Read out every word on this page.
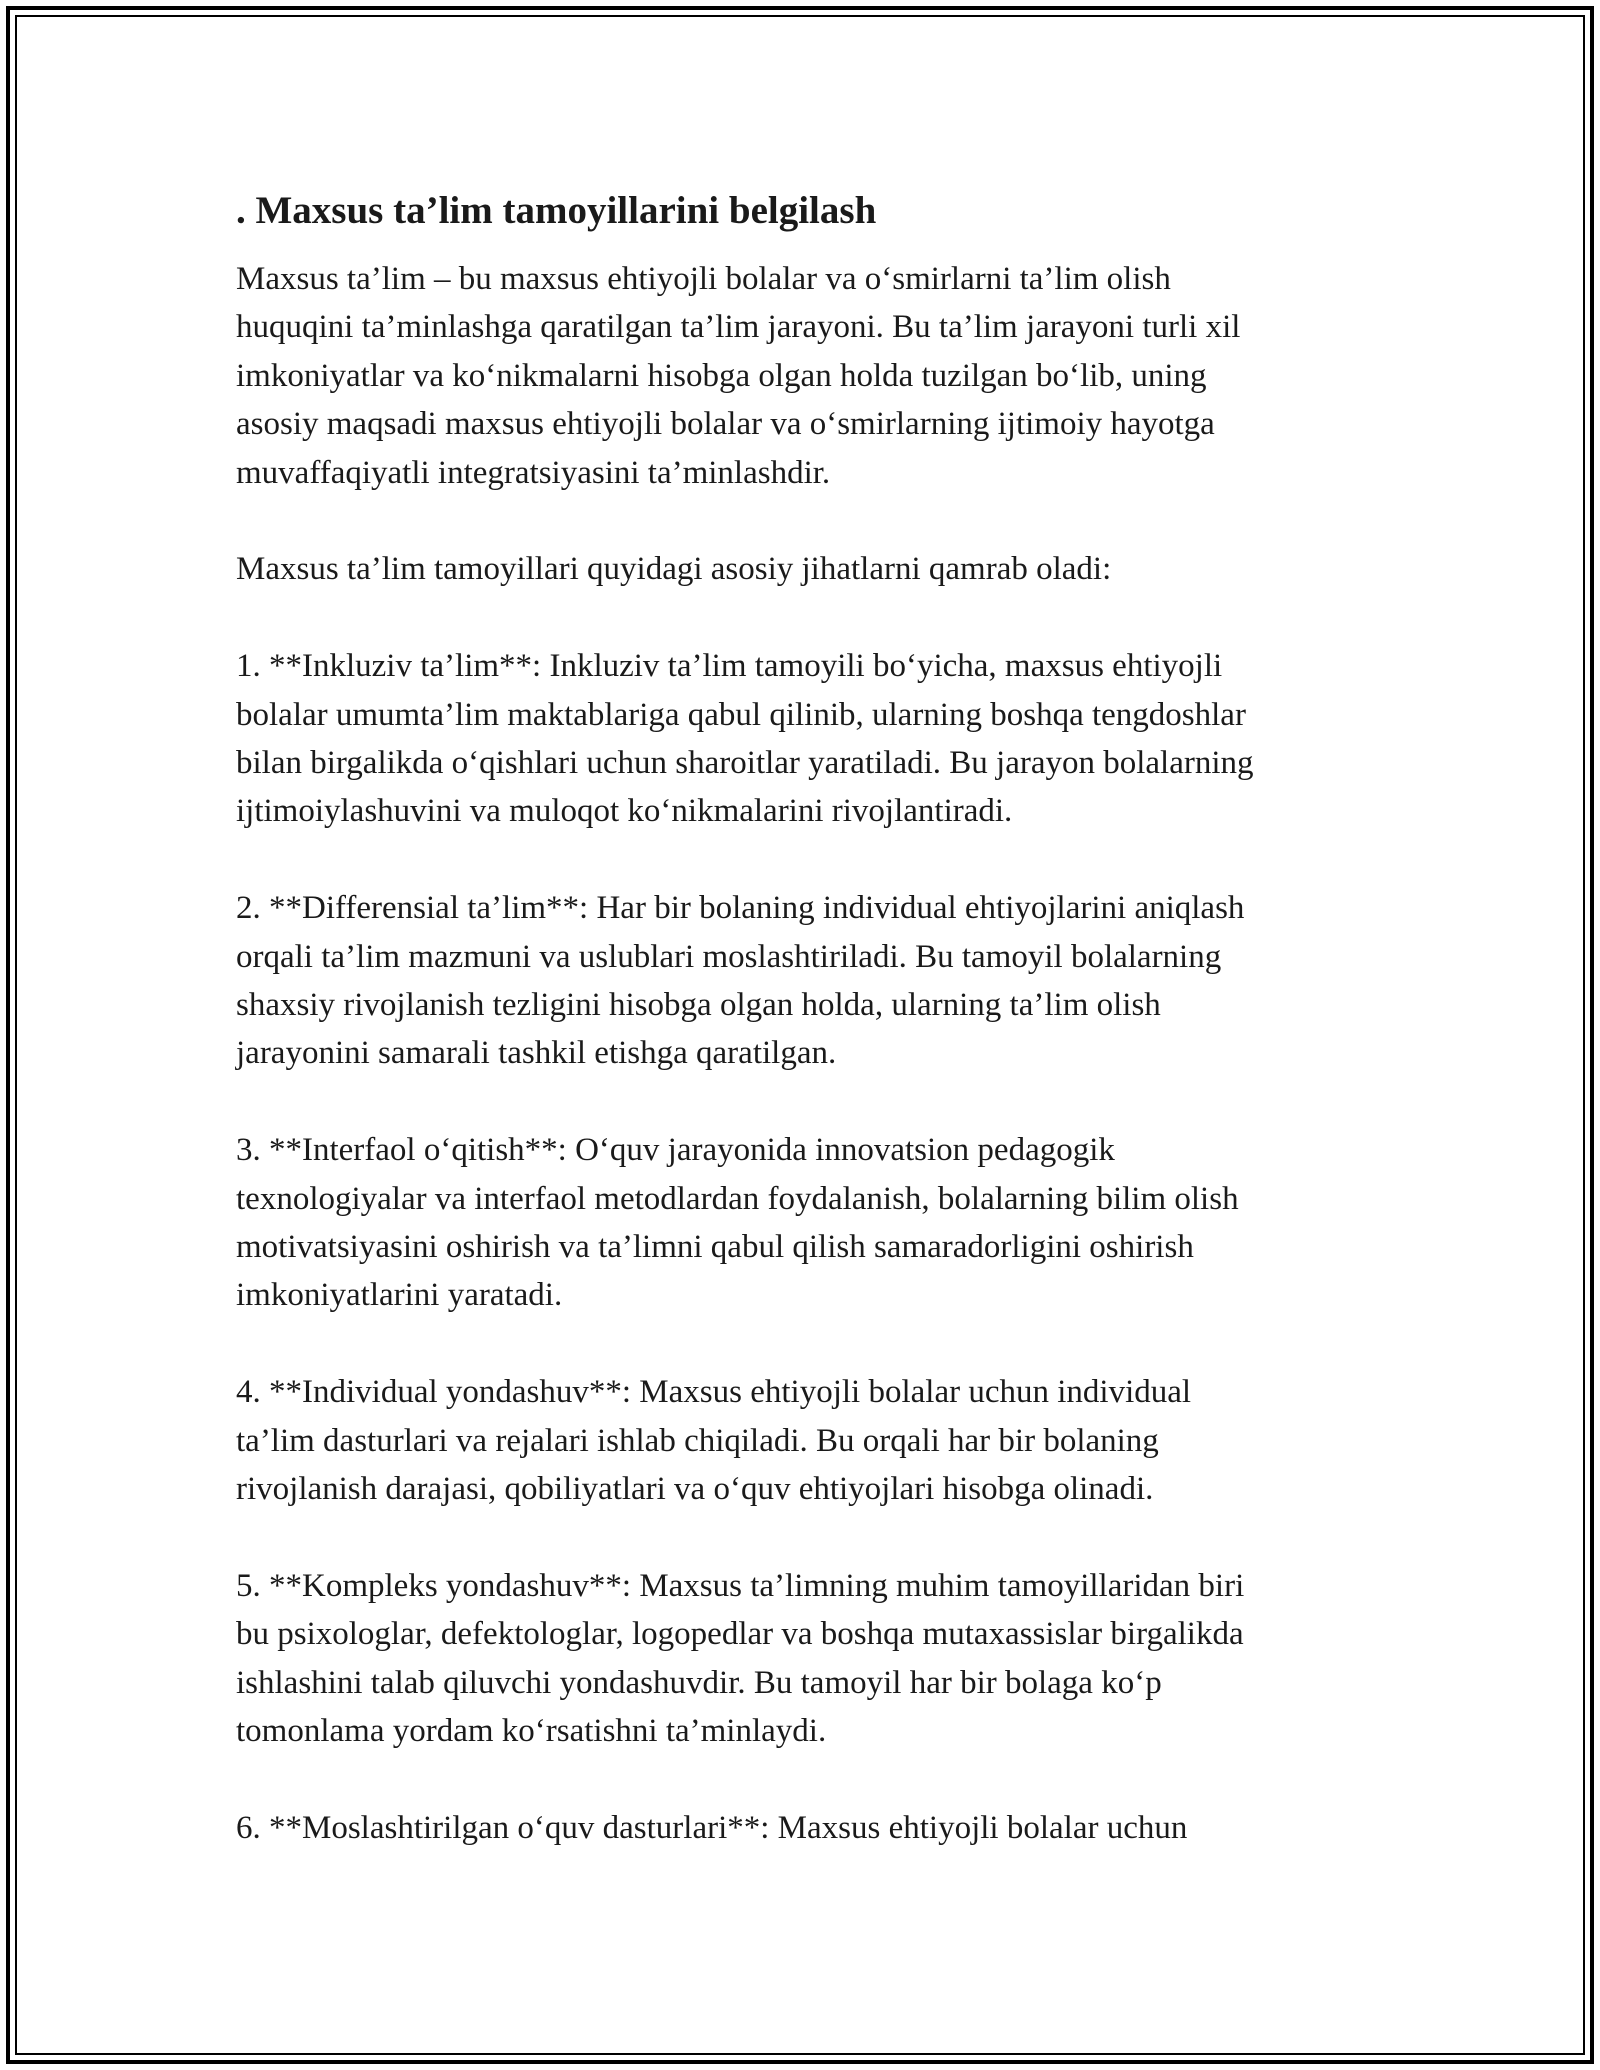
. Maxsus ta’lim tamoyillarini belgilash
Maxsus ta’lim – bu maxsus ehtiyojli bolalar va o‘smirlarni ta’lim olish
huquqini ta’minlashga qaratilgan ta’lim jarayoni. Bu ta’lim jarayoni turli xil
imkoniyatlar va ko‘nikmalarni hisobga olgan holda tuzilgan bo‘lib, uning
asosiy maqsadi maxsus ehtiyojli bolalar va o‘smirlarning ijtimoiy hayotga
muvaffaqiyatli integratsiyasini ta’minlashdir.
Maxsus ta’lim tamoyillari quyidagi asosiy jihatlarni qamrab oladi:
1. **Inkluziv ta’lim**: Inkluziv ta’lim tamoyili bo‘yicha, maxsus ehtiyojli
bolalar umumta’lim maktablariga qabul qilinib, ularning boshqa tengdoshlar
bilan birgalikda o‘qishlari uchun sharoitlar yaratiladi. Bu jarayon bolalarning
ijtimoiylashuvini va muloqot ko‘nikmalarini rivojlantiradi.
2. **Differensial ta’lim**: Har bir bolaning individual ehtiyojlarini aniqlash
orqali ta’lim mazmuni va uslublari moslashtiriladi. Bu tamoyil bolalarning
shaxsiy rivojlanish tezligini hisobga olgan holda, ularning ta’lim olish
jarayonini samarali tashkil etishga qaratilgan.
3. **Interfaol o‘qitish**: O‘quv jarayonida innovatsion pedagogik
texnologiyalar va interfaol metodlardan foydalanish, bolalarning bilim olish
motivatsiyasini oshirish va ta’limni qabul qilish samaradorligini oshirish
imkoniyatlarini yaratadi.
4. **Individual yondashuv**: Maxsus ehtiyojli bolalar uchun individual
ta’lim dasturlari va rejalari ishlab chiqiladi. Bu orqali har bir bolaning
rivojlanish darajasi, qobiliyatlari va o‘quv ehtiyojlari hisobga olinadi.
5. **Kompleks yondashuv**: Maxsus ta’limning muhim tamoyillaridan biri
bu psixologlar, defektologlar, logopedlar va boshqa mutaxassislar birgalikda
ishlashini talab qiluvchi yondashuvdir. Bu tamoyil har bir bolaga ko‘p
tomonlama yordam ko‘rsatishni ta’minlaydi.
6. **Moslashtirilgan o‘quv dasturlari**: Maxsus ehtiyojli bolalar uchun
